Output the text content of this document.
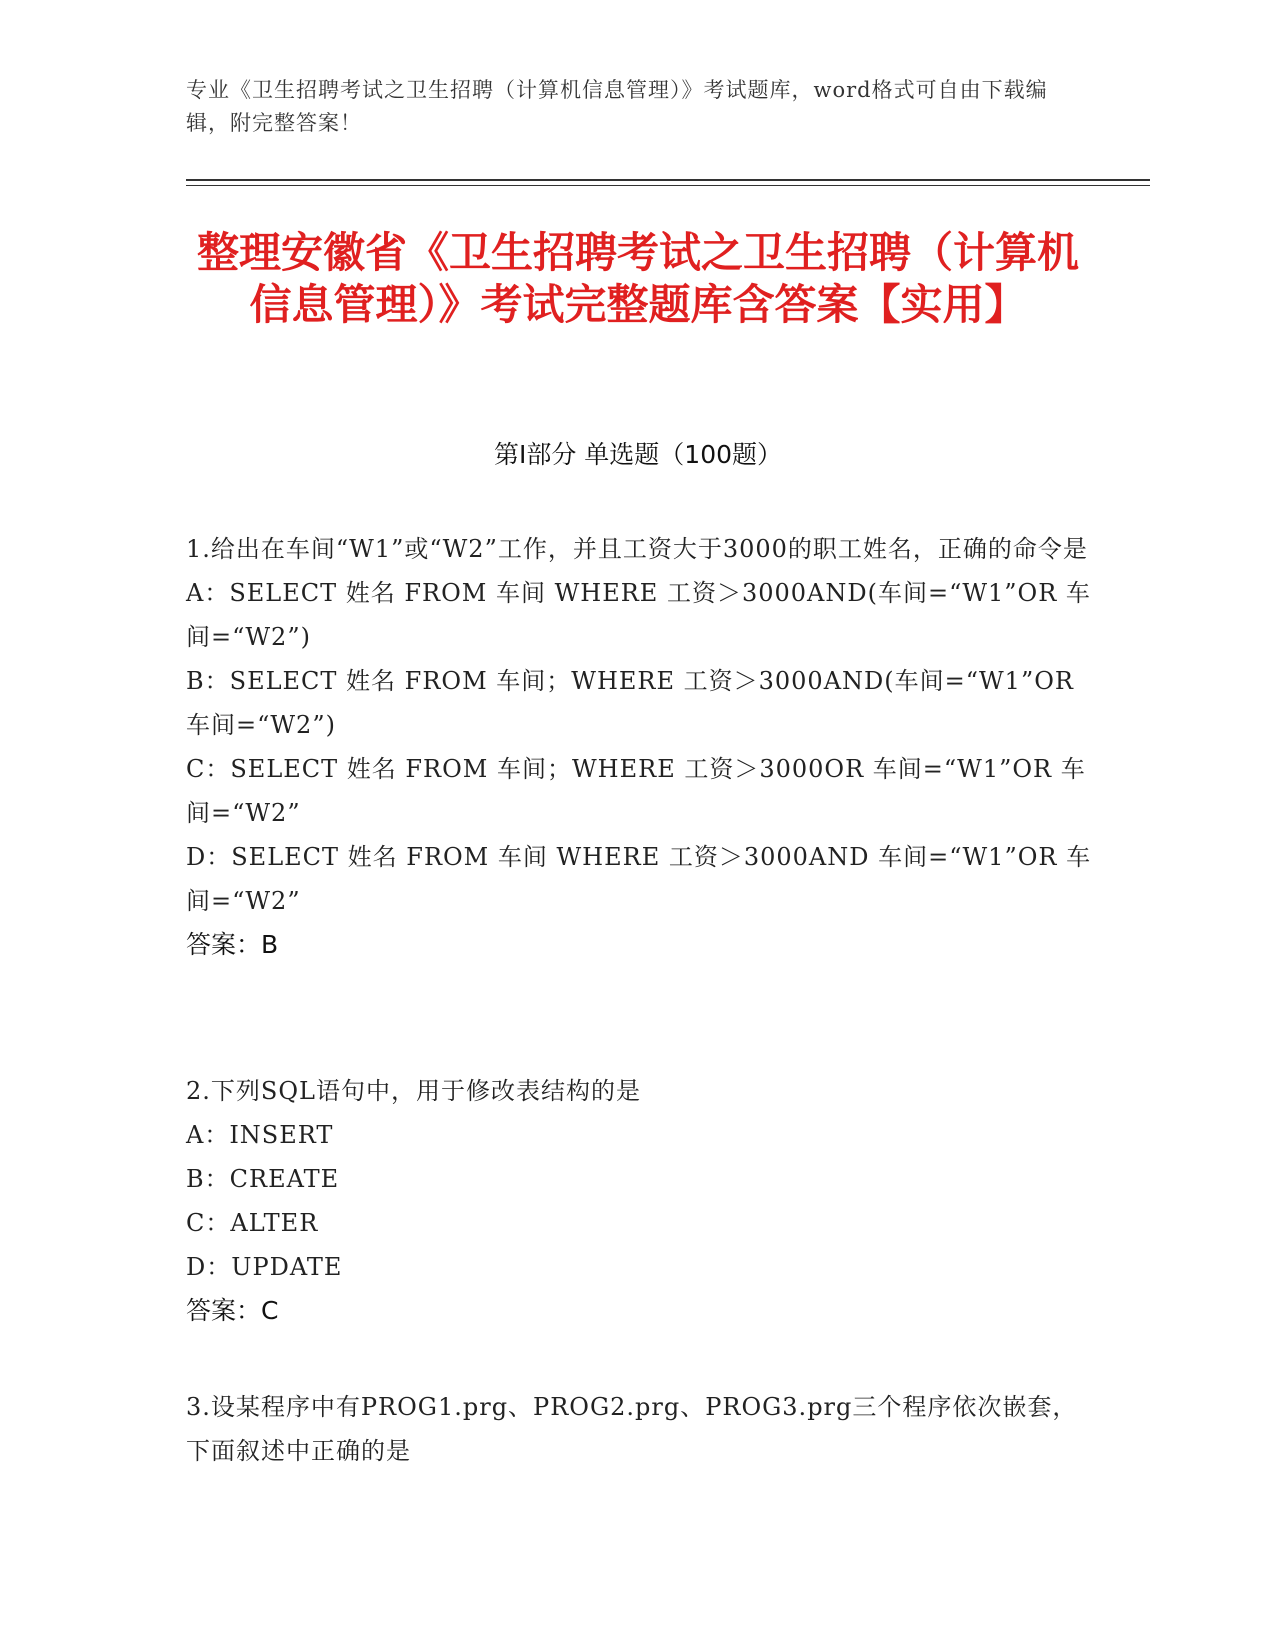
专业《卫生招聘考试之卫生招聘（计算机信息管理）》考试题库，word格式可自由下载编辑，附完整答案！
整理安徽省《卫生招聘考试之卫生招聘（计算机信息管理）》考试完整题库含答案【实用】
第Ⅰ部分 单选题（100题）
1.给出在车间“W1”或“W2”工作，并且工资大于3000的职工姓名，正确的命令是
A：SELECT 姓名 FROM 车间 WHERE 工资＞3000AND(车间=“W1”OR 车间=“W2”)
B：SELECT 姓名 FROM 车间；WHERE 工资＞3000AND(车间=“W1”OR 车间=“W2”)
C：SELECT 姓名 FROM 车间；WHERE 工资＞3000OR 车间=“W1”OR 车间=“W2”
D：SELECT 姓名 FROM 车间 WHERE 工资＞3000AND 车间=“W1”OR 车间=“W2”
答案：B
2.下列SQL语句中，用于修改表结构的是
A：INSERT
B：CREATE
C：ALTER
D：UPDATE
答案：C
3.设某程序中有PROG1.prg、PROG2.prg、PROG3.prg三个程序依次嵌套，下面叙述中正确的是
